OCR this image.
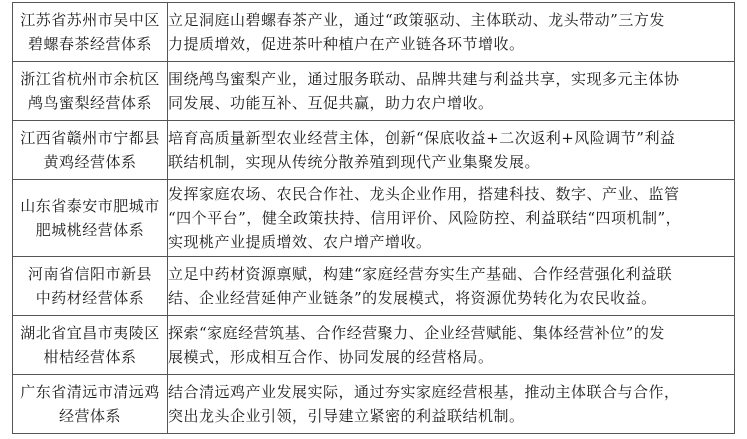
江苏省苏州市吴中区
碧螺春茶经营体系	立足洞庭山碧螺春茶产业，通过“政策驱动、主体联动、龙头带动”三方发
力提质增效，促进茶叶种植户在产业链各环节增收。

浙江省杭州市余杭区
鸬鸟蜜梨经营体系	围绕鸬鸟蜜梨产业，通过服务联动、品牌共建与利益共享，实现多元主体协
同发展、功能互补、互促共赢，助力农户增收。

江西省赣州市宁都县
黄鸡经营体系	培育高质量新型农业经营主体，创新“保底收益+二次返利+风险调节”利益
联结机制，实现从传统分散养殖到现代产业集聚发展。

山东省泰安市肥城市
肥城桃经营体系	发挥家庭农场、农民合作社、龙头企业作用，搭建科技、数字、产业、监管
“四个平台”，健全政策扶持、信用评价、风险防控、利益联结“四项机制”，
实现桃产业提质增效、农户增产增收。

河南省信阳市新县
中药材经营体系	立足中药材资源禀赋，构建“家庭经营夯实生产基础、合作经营强化利益联
结、企业经营延伸产业链条”的发展模式，将资源优势转化为农民收益。

湖北省宜昌市夷陵区
柑桔经营体系	探索“家庭经营筑基、合作经营聚力、企业经营赋能、集体经营补位”的发
展模式，形成相互合作、协同发展的经营格局。

广东省清远市清远鸡
经营体系	结合清远鸡产业发展实际，通过夯实家庭经营根基，推动主体联合与合作，
突出龙头企业引领，引导建立紧密的利益联结机制。
